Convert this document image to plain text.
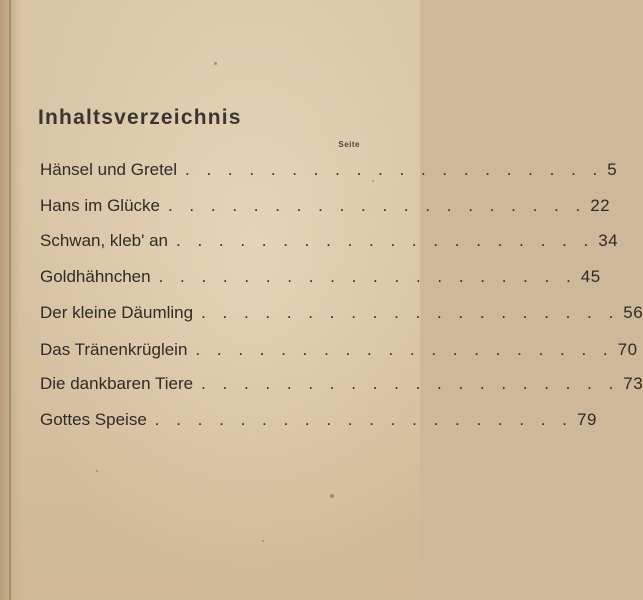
Inhaltsverzeichnis
Seite
Hänsel und Gretel . . . . . . . . . . . . . . . . . . . . 5
Hans im Glücke . . . . . . . . . . . . . . . . . . . . 22
Schwan, kleb' an . . . . . . . . . . . . . . . . . . . . 34
Goldhähnchen . . . . . . . . . . . . . . . . . . . . 45
Der kleine Däumling . . . . . . . . . . . . . . . . . . . . 56
Das Tränenkrüglein . . . . . . . . . . . . . . . . . . . . 70
Die dankbaren Tiere . . . . . . . . . . . . . . . . . . . . 73
Gottes Speise . . . . . . . . . . . . . . . . . . . . 79
